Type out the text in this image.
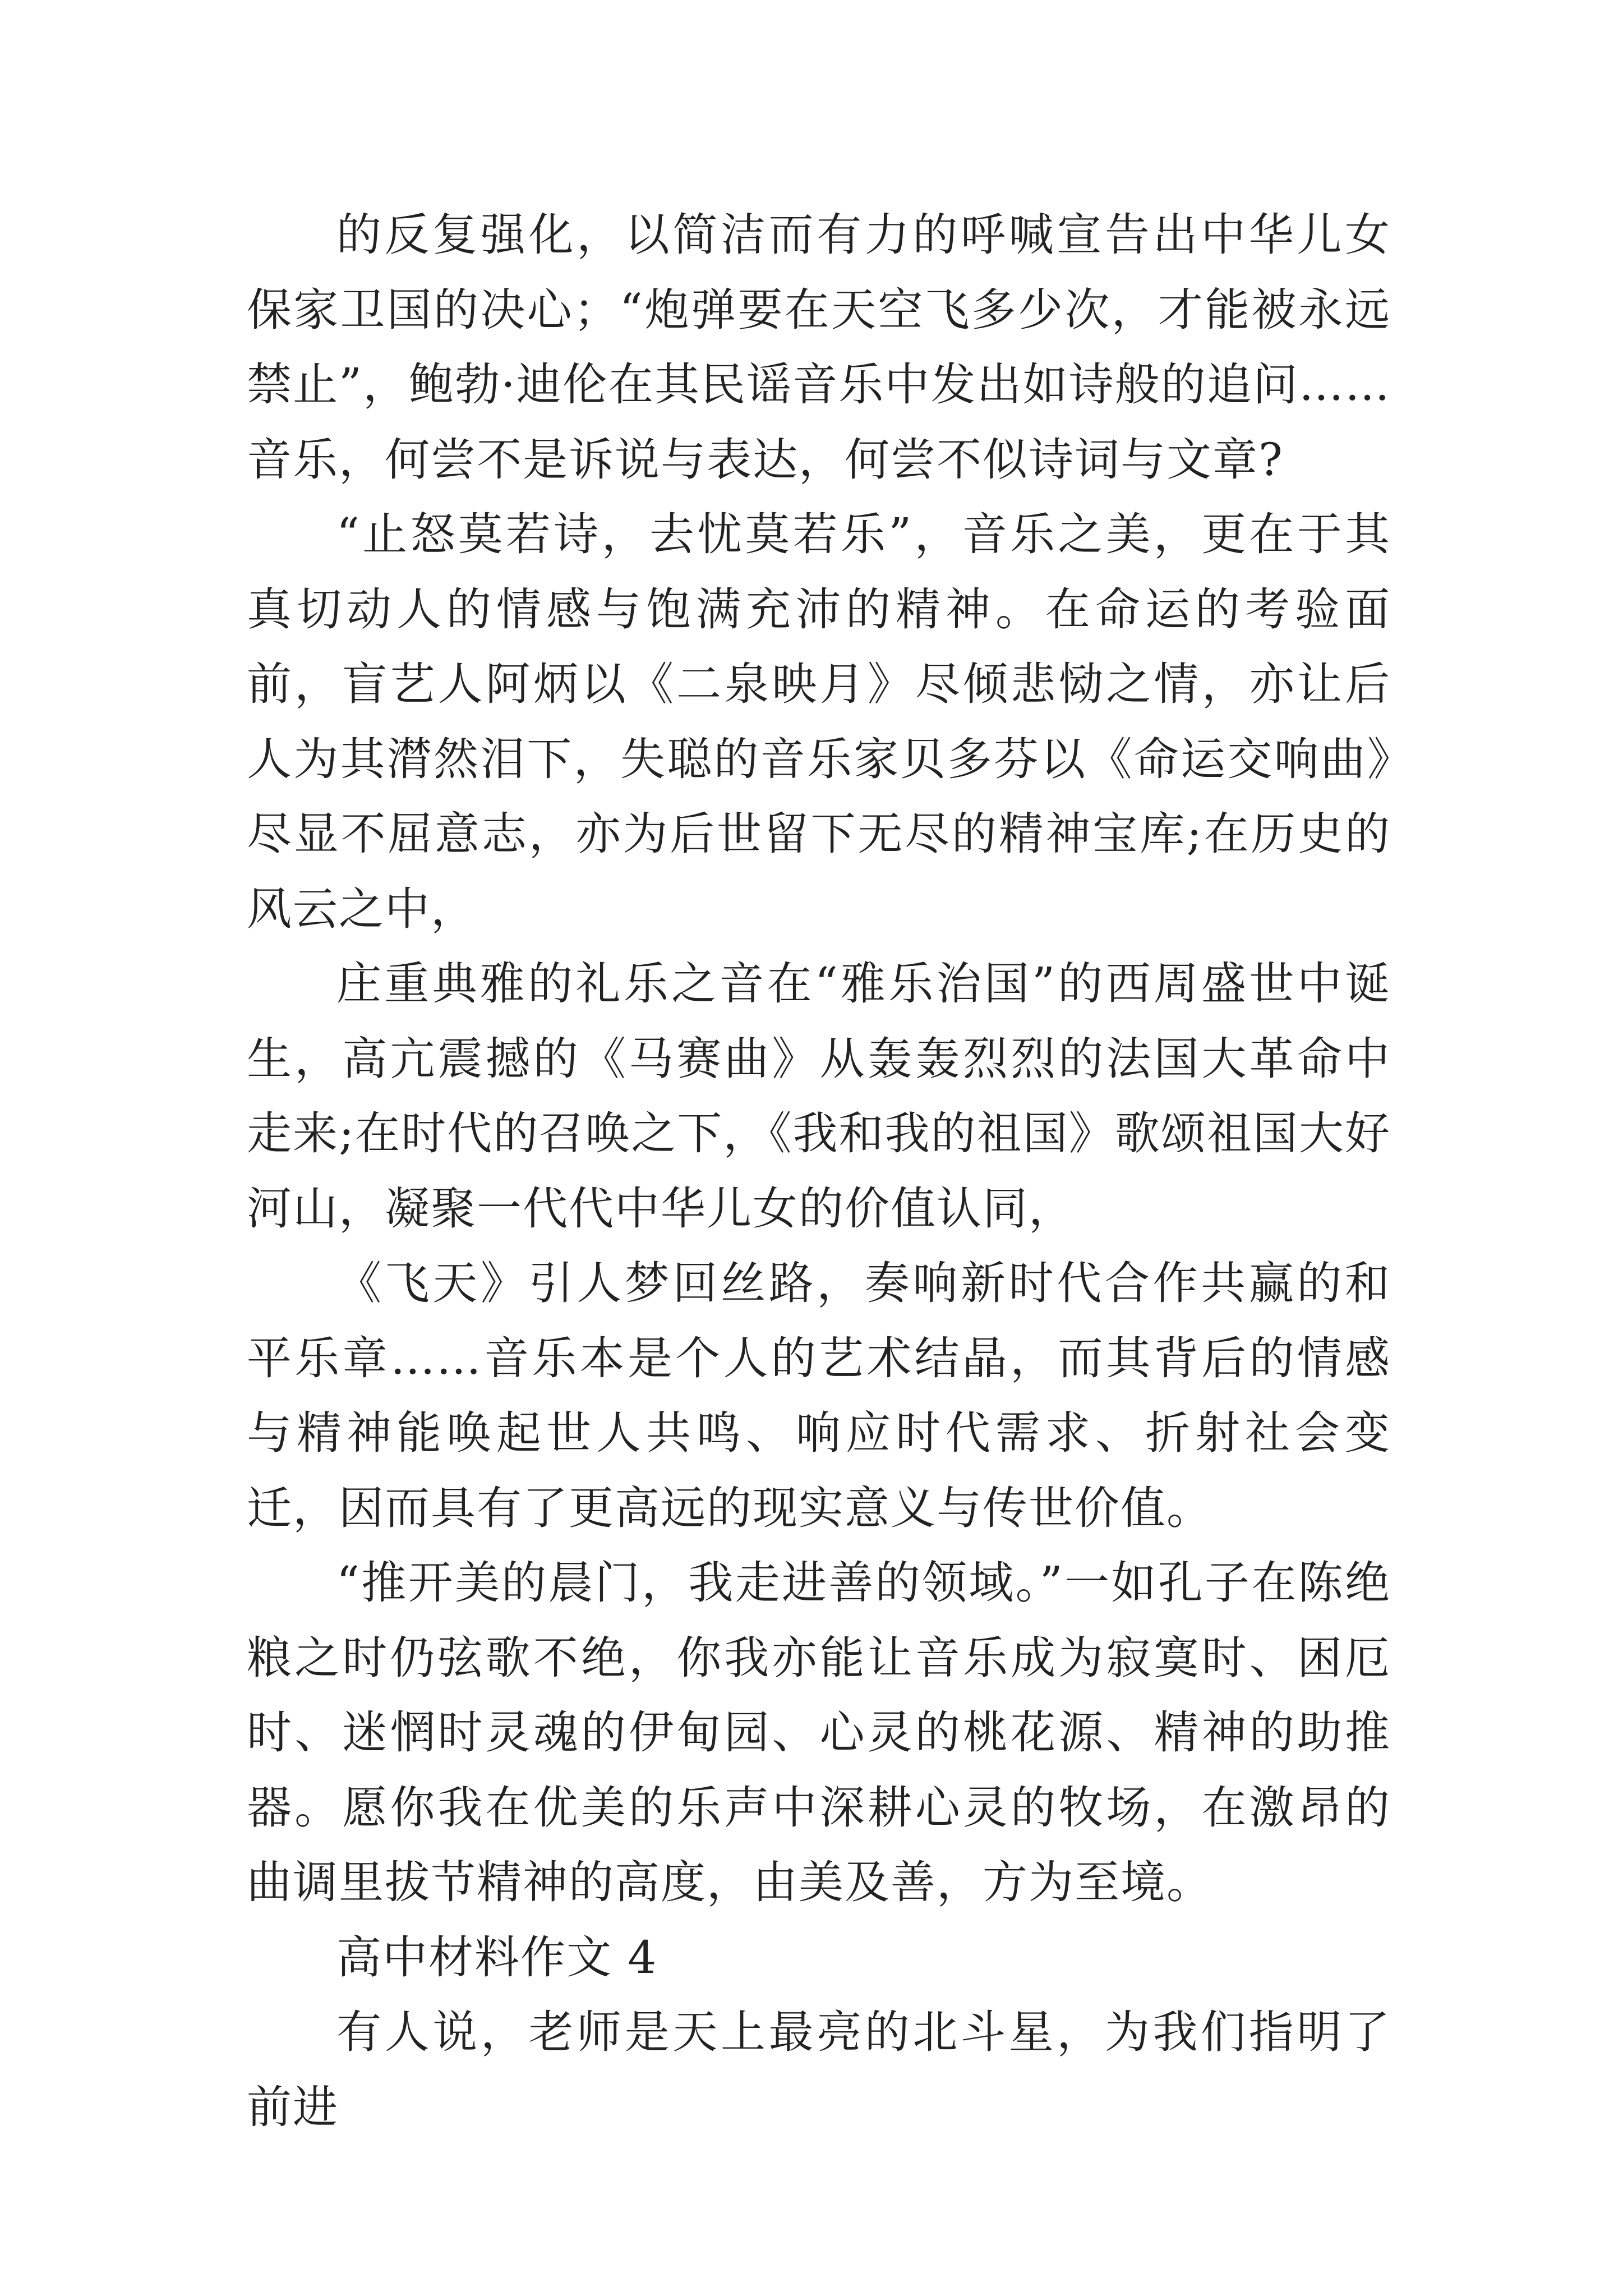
的反复强化，以简洁而有力的呼喊宣告出中华儿女保家卫国的决心；“炮弹要在天空飞多少次，才能被永远禁止”，鲍勃·迪伦在其民谣音乐中发出如诗般的追问……音乐，何尝不是诉说与表达，何尝不似诗词与文章?

“止怒莫若诗，去忧莫若乐”，音乐之美，更在于其真切动人的情感与饱满充沛的精神。在命运的考验面前，盲艺人阿炳以《二泉映月》尽倾悲恸之情，亦让后人为其潸然泪下，失聪的音乐家贝多芬以《命运交响曲》尽显不屈意志，亦为后世留下无尽的精神宝库;在历史的风云之中，

庄重典雅的礼乐之音在“雅乐治国”的西周盛世中诞生，高亢震撼的《马赛曲》从轰轰烈烈的法国大革命中走来;在时代的召唤之下，《我和我的祖国》歌颂祖国大好河山，凝聚一代代中华儿女的价值认同，

《飞天》引人梦回丝路，奏响新时代合作共赢的和平乐章……音乐本是个人的艺术结晶，而其背后的情感与精神能唤起世人共鸣、响应时代需求、折射社会变迁，因而具有了更高远的现实意义与传世价值。

“推开美的晨门，我走进善的领域。”一如孔子在陈绝粮之时仍弦歌不绝，你我亦能让音乐成为寂寞时、困厄时、迷惘时灵魂的伊甸园、心灵的桃花源、精神的助推器。愿你我在优美的乐声中深耕心灵的牧场，在激昂的曲调里拔节精神的高度，由美及善，方为至境。

高中材料作文 4

有人说，老师是天上最亮的北斗星，为我们指明了前进
